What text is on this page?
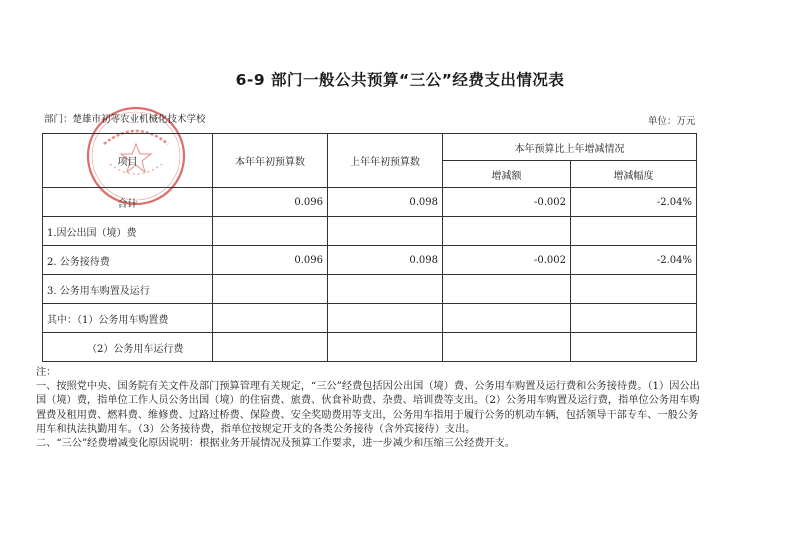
6-9 部门一般公共预算“三公”经费支出情况表
部门：楚雄市初等农业机械化技术学校	单位：万元
项目	本年年初预算数	上年年初预算数	本年预算比上年增减情况	
			增减额	增减幅度
合计	0.096	0.098	-0.002	-2.04%
1.因公出国（境）费				
2. 公务接待费	0.096	0.098	-0.002	-2.04%
3. 公务用车购置及运行				
其中：（1）公务用车购置费				
（2）公务用车运行费				

注：

一、按照党中央、国务院有关文件及部门预算管理有关规定，“三公”经费包括因公出国（境）费、公务用车购置及运行费和公务接待费。（1）因公出国（境）费，指单位工作人员公务出国（境）的住宿费、旅费、伙食补助费、杂费、培训费等支出。（2）公务用车购置及运行费，指单位公务用车购置费及租用费、燃料费、维修费、过路过桥费、保险费、安全奖励费用等支出，公务用车指用于履行公务的机动车辆，包括领导干部专车、一般公务用车和执法执勤用车。（3）公务接待费，指单位按规定开支的各类公务接待（含外宾接待）支出。

二、“三公”经费增减变化原因说明：根据业务开展情况及预算工作要求，进一步减少和压缩三公经费开支。
